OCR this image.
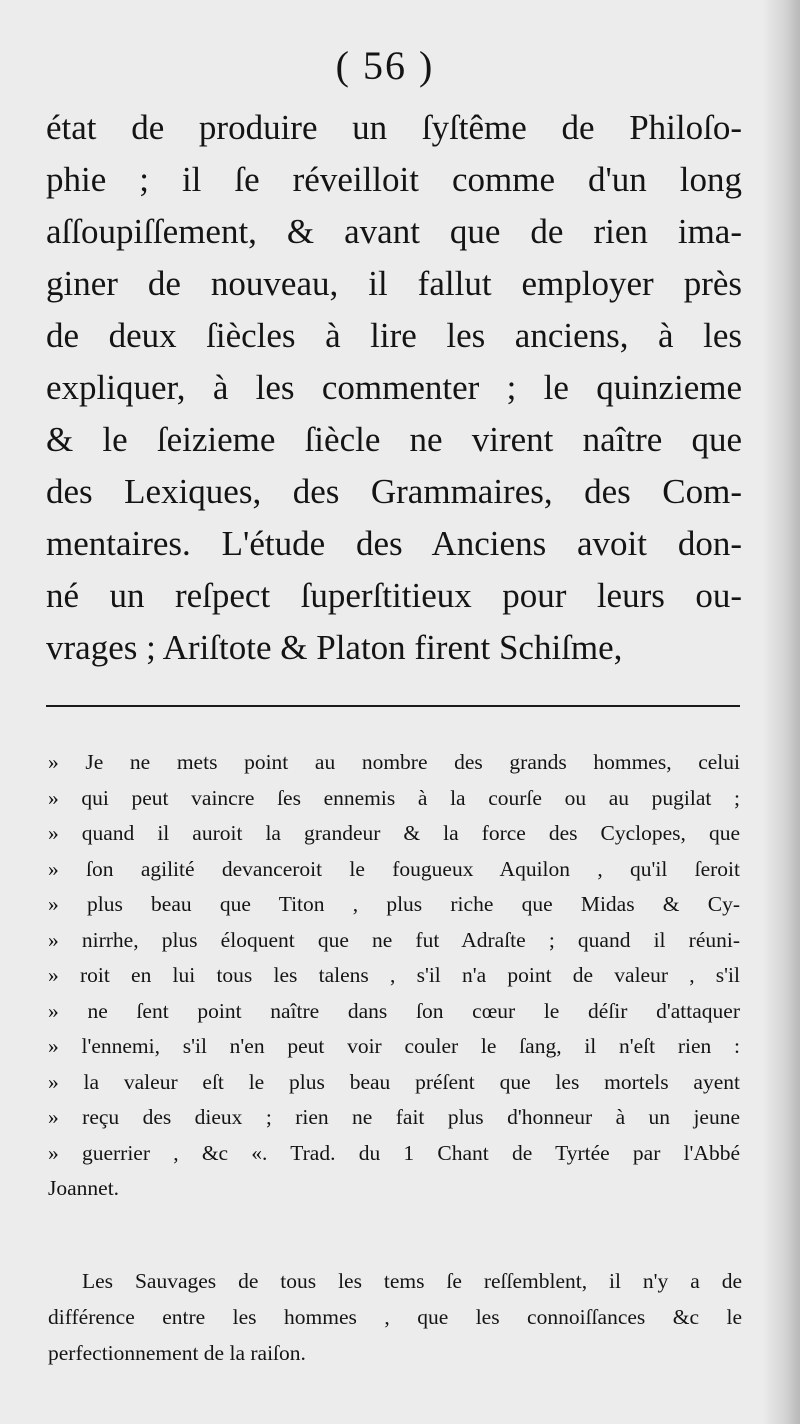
( 56 )
état de produire un ſyſtême de Philoſo-
phie ; il ſe réveilloit comme d'un long
aſſoupiſſement, & avant que de rien ima-
giner de nouveau, il fallut employer près
de deux ſiècles à lire les anciens, à les
expliquer, à les commenter ; le quinzieme
& le ſeizieme ſiècle ne virent naître que
des Lexiques, des Grammaires, des Com-
mentaires. L'étude des Anciens avoit don-
né un reſpect ſuperſtitieux pour leurs ou-
vrages ; Ariſtote & Platon firent Schiſme,
» Je ne mets point au nombre des grands hommes, celui
» qui peut vaincre ſes ennemis à la courſe ou au pugilat ;
» quand il auroit la grandeur & la force des Cyclopes, que
» ſon agilité devanceroit le fougueux Aquilon , qu'il ſeroit
» plus beau que Titon , plus riche que Midas & Cy-
» nirrhe, plus éloquent que ne fut Adraſte ; quand il réuni-
» roit en lui tous les talens , s'il n'a point de valeur , s'il
» ne ſent point naître dans ſon cœur le déſir d'attaquer
» l'ennemi, s'il n'en peut voir couler le ſang, il n'eſt rien :
» la valeur eſt le plus beau préſent que les mortels ayent
» reçu des dieux ; rien ne fait plus d'honneur à un jeune
» guerrier , &c «. Trad. du 1 Chant de Tyrtée par l'Abbé
Joannet.
Les Sauvages de tous les tems ſe reſſemblent, il n'y a de
différence entre les hommes , que les connoiſſances &c le
perfectionnement de la raiſon.
